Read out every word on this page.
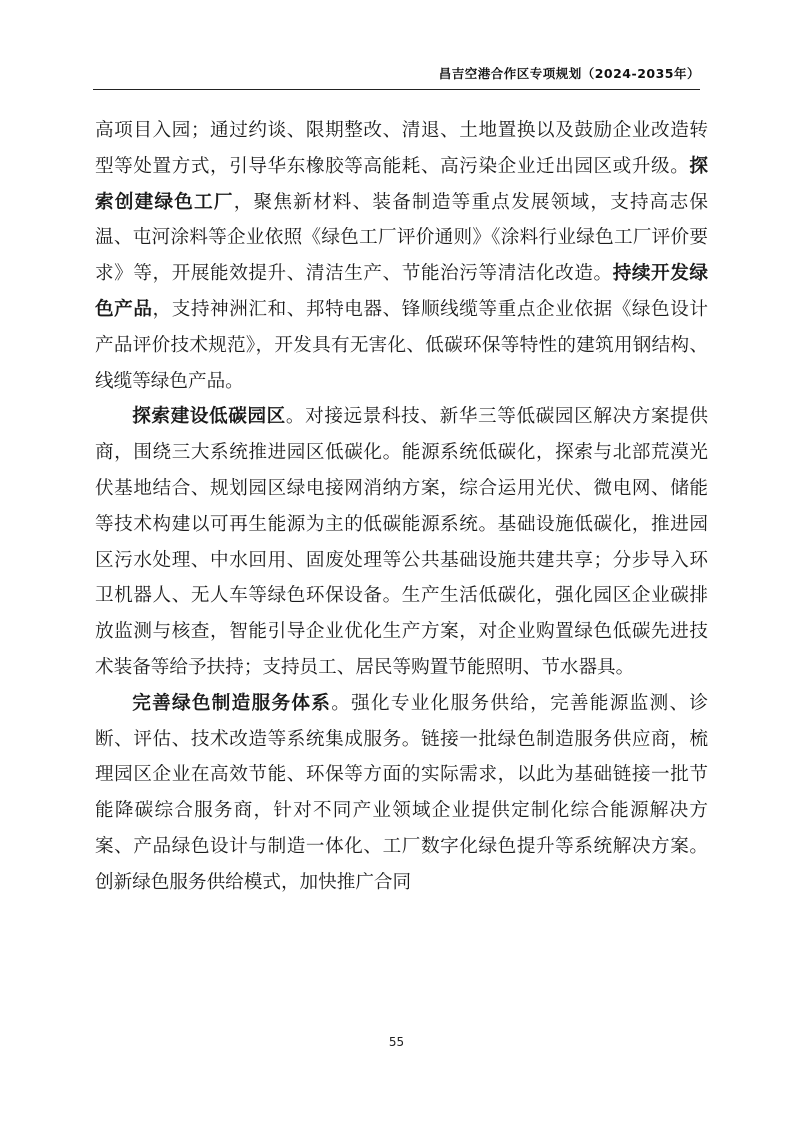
昌吉空港合作区专项规划（2024-2035年）

高项目入园；通过约谈、限期整改、清退、土地置换以及鼓励企业改造转型等处置方式，引导华东橡胶等高能耗、高污染企业迁出园区或升级。探索创建绿色工厂，聚焦新材料、装备制造等重点发展领域，支持高志保温、屯河涂料等企业依照《绿色工厂评价通则》《涂料行业绿色工厂评价要求》等，开展能效提升、清洁生产、节能治污等清洁化改造。持续开发绿色产品，支持神洲汇和、邦特电器、锋顺线缆等重点企业依据《绿色设计产品评价技术规范》，开发具有无害化、低碳环保等特性的建筑用钢结构、线缆等绿色产品。

探索建设低碳园区。对接远景科技、新华三等低碳园区解决方案提供商，围绕三大系统推进园区低碳化。能源系统低碳化，探索与北部荒漠光伏基地结合、规划园区绿电接网消纳方案，综合运用光伏、微电网、储能等技术构建以可再生能源为主的低碳能源系统。基础设施低碳化，推进园区污水处理、中水回用、固废处理等公共基础设施共建共享；分步导入环卫机器人、无人车等绿色环保设备。生产生活低碳化，强化园区企业碳排放监测与核查，智能引导企业优化生产方案，对企业购置绿色低碳先进技术装备等给予扶持；支持员工、居民等购置节能照明、节水器具。

完善绿色制造服务体系。强化专业化服务供给，完善能源监测、诊断、评估、技术改造等系统集成服务。链接一批绿色制造服务供应商，梳理园区企业在高效节能、环保等方面的实际需求，以此为基础链接一批节能降碳综合服务商，针对不同产业领域企业提供定制化综合能源解决方案、产品绿色设计与制造一体化、工厂数字化绿色提升等系统解决方案。创新绿色服务供给模式，加快推广合同

55
